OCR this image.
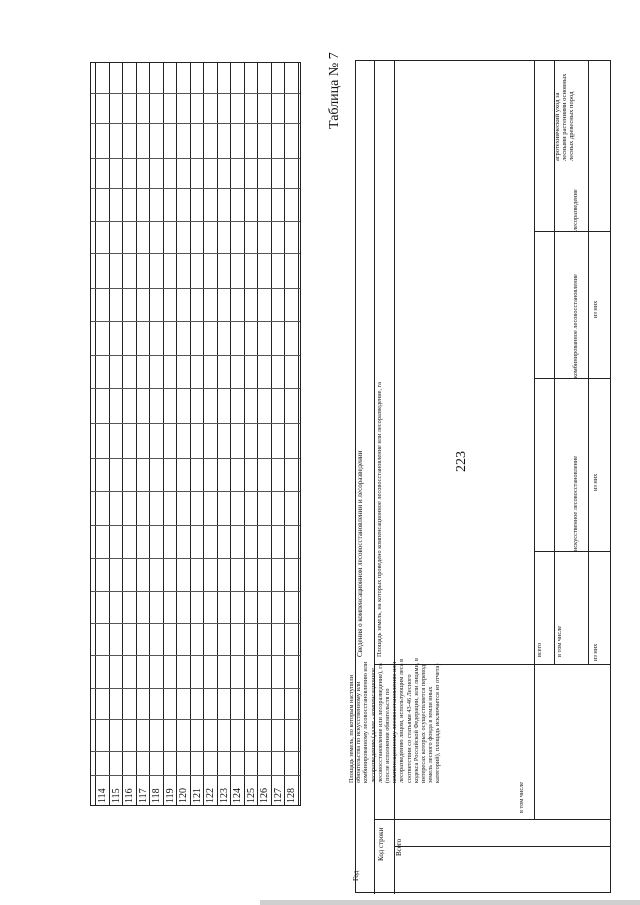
114 115 116 117 118 119 120 121 122 123 124 125 126 127 128
223
Таблица № 7
Год
Код строки Всего
Площадь земель, по которым наступили обязательства по искусственному или комбинированному лесовосстановлению или лесоразведению (далее - компенсационное лесовосстановление или лесоразведение), га (после исполнения обязательств по компенсационному лесовосстановлению или лесоразведению лицом, использующим леса в соответствии со статьями 43-46 Лесного кодекса Российской Федерации, или лицами, в интересах которых осуществляется перевод земель лесного фонда в земли иных категорий), площадь исключается из отчета)
в том числе
Сведения о компенсационном лесовосстановлении и лесоразведении Площадь земель, на которых проведено компенсационное лесовосстановление или лесоразведение, га	всего в том числе
искусственное лесовосстановление
комбинированное лесовосстановление
лесоразведение
из них
из них
из них
агротехнический уход за лесными растениями основных лесных древесных пород
